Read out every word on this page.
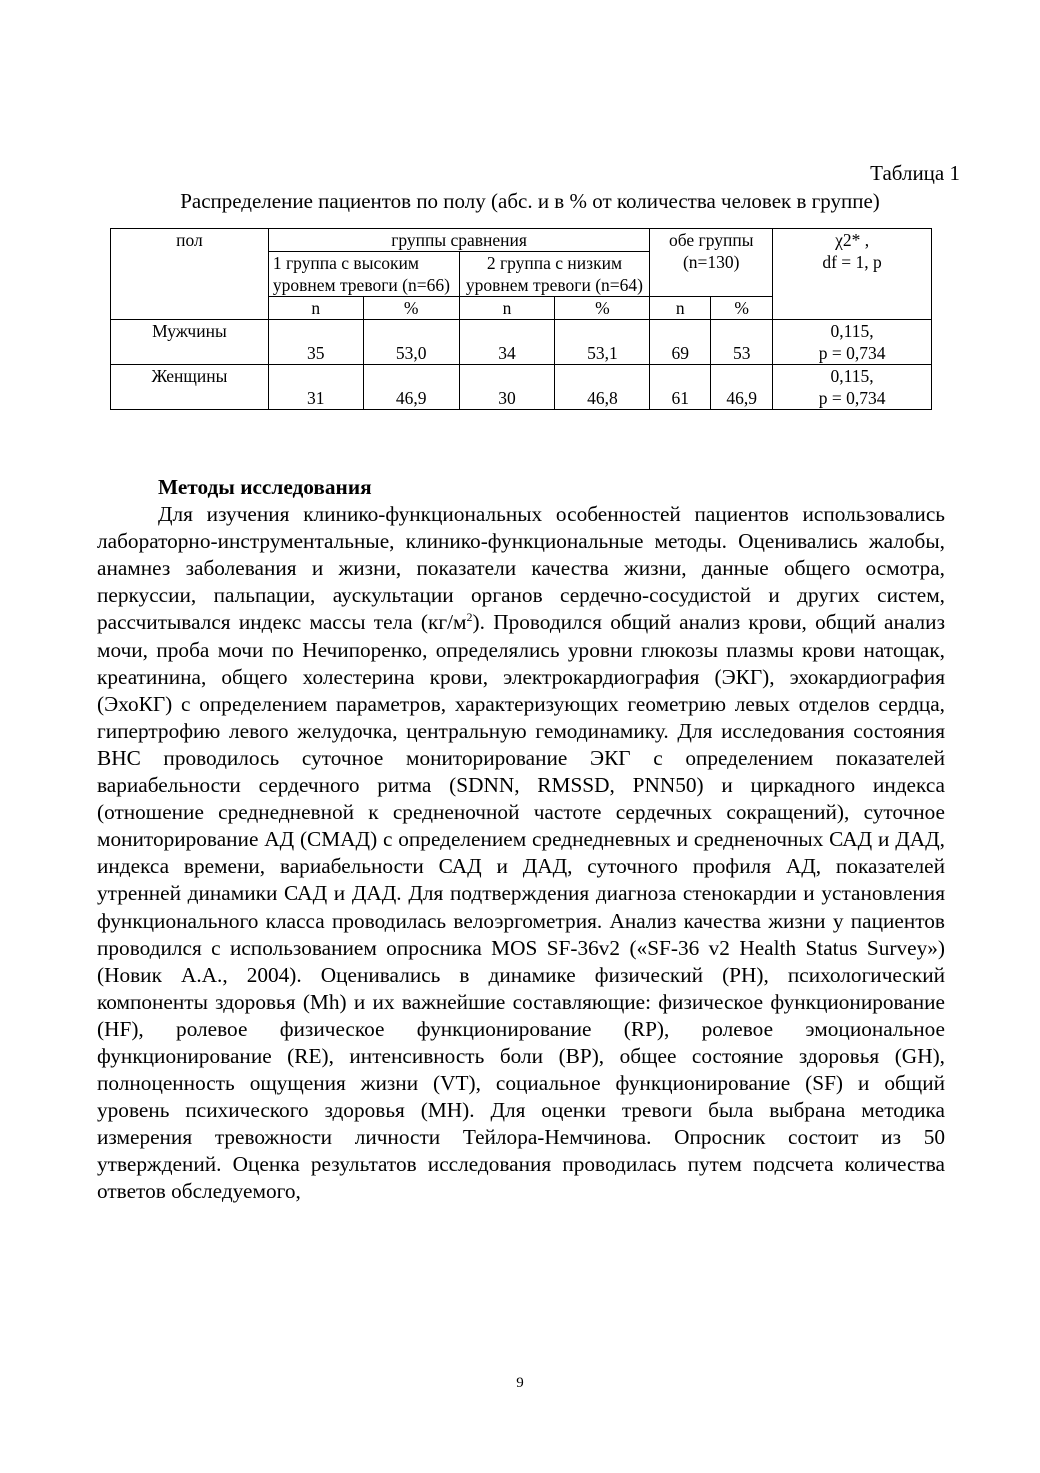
Таблица 1
Распределение пациентов по полу (абс. и в % от количества человек в группе)
пол	группы сравнения				обе группы (n=130)		χ2* ,
df = 1, p

	1 группа с высоким уровнем тревоги (n=66)		2 группа с низким уровнем тревоги (n=64)				
	n	%	n	%	n	%	
Мужчины	35	53,0	34	53,1	69	53	0,115,
p = 0,734

Женщины	31	46,9	30	46,8	61	46,9	0,115,
p = 0,734
Методы исследования

Для изучения клинико-функциональных особенностей пациентов использовались лабораторно-инструментальные, клинико-функциональные методы. Оценивались жалобы, анамнез заболевания и жизни, показатели качества жизни, данные общего осмотра, перкуссии, пальпации, аускультации органов сердечно-сосудистой и других систем, рассчитывался индекс массы тела $(кг/м^2)$. Проводился общий анализ крови, общий анализ мочи, проба мочи по Нечипоренко, определялись уровни глюкозы плазмы крови натощак, креатинина, общего холестерина крови, электрокардиография (ЭКГ), эхокардиография (ЭхоКГ) с определением параметров, характеризующих геометрию левых отделов сердца, гипертрофию левого желудочка, центральную гемодинамику. Для исследования состояния ВНС проводилось суточное мониторирование ЭКГ с определением показателей вариабельности сердечного ритма (SDNN, RMSSD, PNN50) и циркадного индекса (отношение среднедневной к средненочной частоте сердечных сокращений), суточное мониторирование АД (СМАД) с определением среднедневных и средненочных САД и ДАД, индекса времени, вариабельности САД и ДАД, суточного профиля АД, показателей утренней динамики САД и ДАД. Для подтверждения диагноза стенокардии и установления функционального класса проводилась велоэргометрия. Анализ качества жизни у пациентов проводился с использованием опросника MOS SF-36v2 («SF-36 v2 Health Status Survey») (Новик А.А., 2004). Оценивались в динамике физический (PH), психологический компоненты здоровья (Mh) и их важнейшие составляющие: физическое функционирование (HF), ролевое физическое функционирование (RP), ролевое эмоциональное функционирование (RE), интенсивность боли (BP), общее состояние здоровья (GH), полноценность ощущения жизни (VT), социальное функционирование (SF) и общий уровень психического здоровья (MH). Для оценки тревоги была выбрана методика измерения тревожности личности Тейлора-Немчинова. Опросник состоит из 50 утверждений. Оценка результатов исследования проводилась путем подсчета количества ответов обследуемого,

9
